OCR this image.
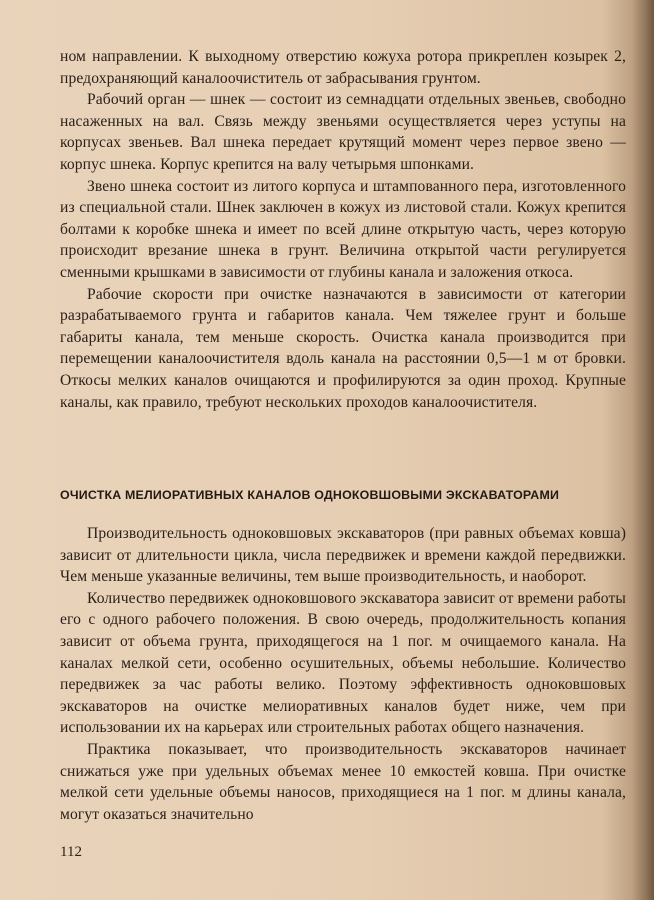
ном направлении. К выходному отверстию кожуха ротора прикреплен козырек 2, предохраняющий каналоочиститель от забрасывания грунтом.

Рабочий орган — шнек — состоит из семнадцати отдельных звеньев, свободно насаженных на вал. Связь между звеньями осуществляется через уступы на корпусах звеньев. Вал шнека передает крутящий момент через первое звено — корпус шнека. Корпус крепится на валу четырьмя шпонками.

Звено шнека состоит из литого корпуса и штампованного пера, изготовленного из специальной стали. Шнек заключен в кожух из листовой стали. Кожух крепится болтами к коробке шнека и имеет по всей длине открытую часть, через которую происходит врезание шнека в грунт. Величина открытой части регулируется сменными крышками в зависимости от глубины канала и заложения откоса.

Рабочие скорости при очистке назначаются в зависимости от категории разрабатываемого грунта и габаритов канала. Чем тяжелее грунт и больше габариты канала, тем меньше скорость. Очистка канала производится при перемещении каналоочистителя вдоль канала на расстоянии 0,5—1 м от бровки. Откосы мелких каналов очищаются и профилируются за один проход. Крупные каналы, как правило, требуют нескольких проходов каналоочистителя.

ОЧИСТКА МЕЛИОРАТИВНЫХ КАНАЛОВ ОДНОКОВШОВЫМИ ЭКСКАВАТОРАМИ

Производительность одноковшовых экскаваторов (при равных объемах ковша) зависит от длительности цикла, числа передвижек и времени каждой передвижки. Чем меньше указанные величины, тем выше производительность, и наоборот.

Количество передвижек одноковшового экскаватора зависит от времени работы его с одного рабочего положения. В свою очередь, продолжительность копания зависит от объема грунта, приходящегося на 1 пог. м очищаемого канала. На каналах мелкой сети, особенно осушительных, объемы небольшие. Количество передвижек за час работы велико. Поэтому эффективность одноковшовых экскаваторов на очистке мелиоративных каналов будет ниже, чем при использовании их на карьерах или строительных работах общего назначения.

Практика показывает, что производительность экскаваторов начинает снижаться уже при удельных объемах менее 10 емкостей ковша. При очистке мелкой сети удельные объемы наносов, приходящиеся на 1 пог. м длины канала, могут оказаться значительно

112
